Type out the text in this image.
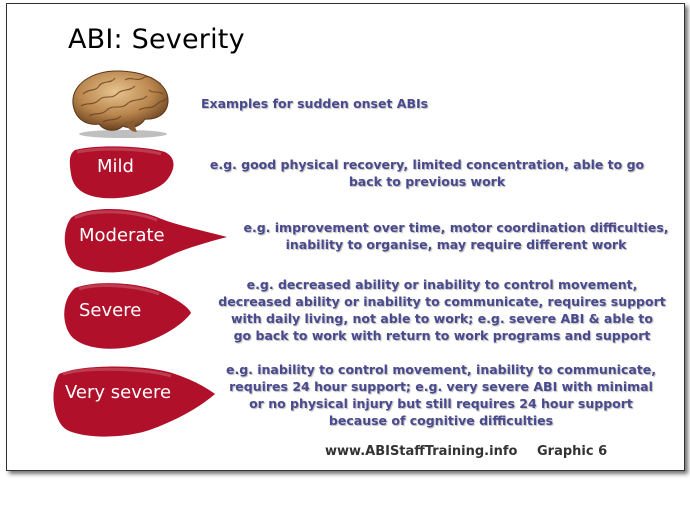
ABI: Severity
Examples for sudden onset ABIs
Mild	e.g. good physical recovery, limited concentration, able to go
back to previous work
Moderate	e.g. improvement over time, motor coordination difficulties,
inability to organise, may require different work
Severe
e.g. decreased ability or inability to control movement,
decreased ability or inability to communicate, requires support
with daily living, not able to work; e.g. severe ABI & able to
go back to work with return to work programs and support
Very severe
e.g. inability to control movement, inability to communicate,
requires 24 hour support; e.g. very severe ABI with minimal
or no physical injury but still requires 24 hour support
because of cognitive difficulties
www.ABIStaffTraining.info Graphic 6
